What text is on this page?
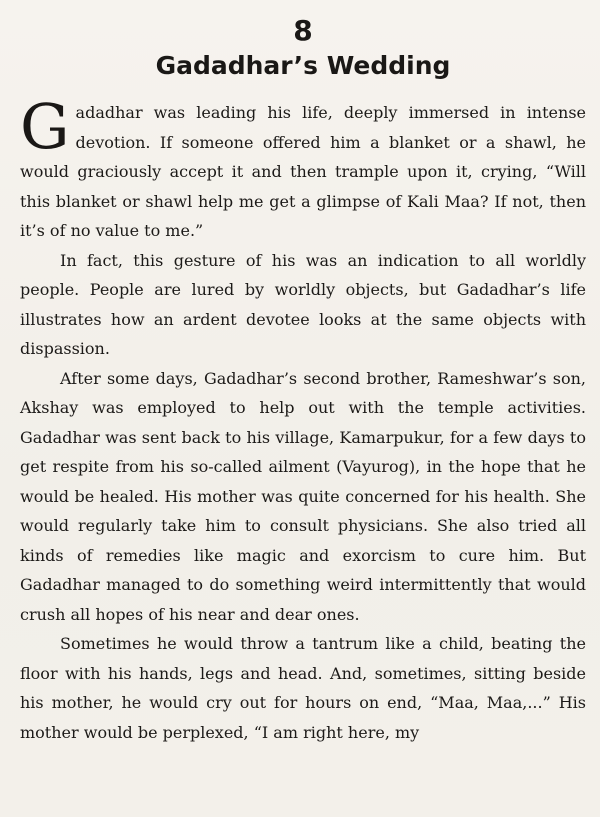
8
Gadadhar’s Wedding

Gadadhar was leading his life, deeply immersed in intense devotion. If someone offered him a blanket or a shawl, he would graciously accept it and then trample upon it, crying, “Will this blanket or shawl help me get a glimpse of Kali Maa? If not, then it’s of no value to me.”

In fact, this gesture of his was an indication to all worldly people. People are lured by worldly objects, but Gadadhar’s life illustrates how an ardent devotee looks at the same objects with dispassion.

After some days, Gadadhar’s second brother, Rameshwar’s son, Akshay was employed to help out with the temple activities. Gadadhar was sent back to his village, Kamarpukur, for a few days to get respite from his so-called ailment (Vayurog), in the hope that he would be healed. His mother was quite concerned for his health. She would regularly take him to consult physicians. She also tried all kinds of remedies like magic and exorcism to cure him. But Gadadhar managed to do something weird intermittently that would crush all hopes of his near and dear ones.

Sometimes he would throw a tantrum like a child, beating the floor with his hands, legs and head. And, sometimes, sitting beside his mother, he would cry out for hours on end, “Maa, Maa,...” His mother would be perplexed, “I am right here, my
